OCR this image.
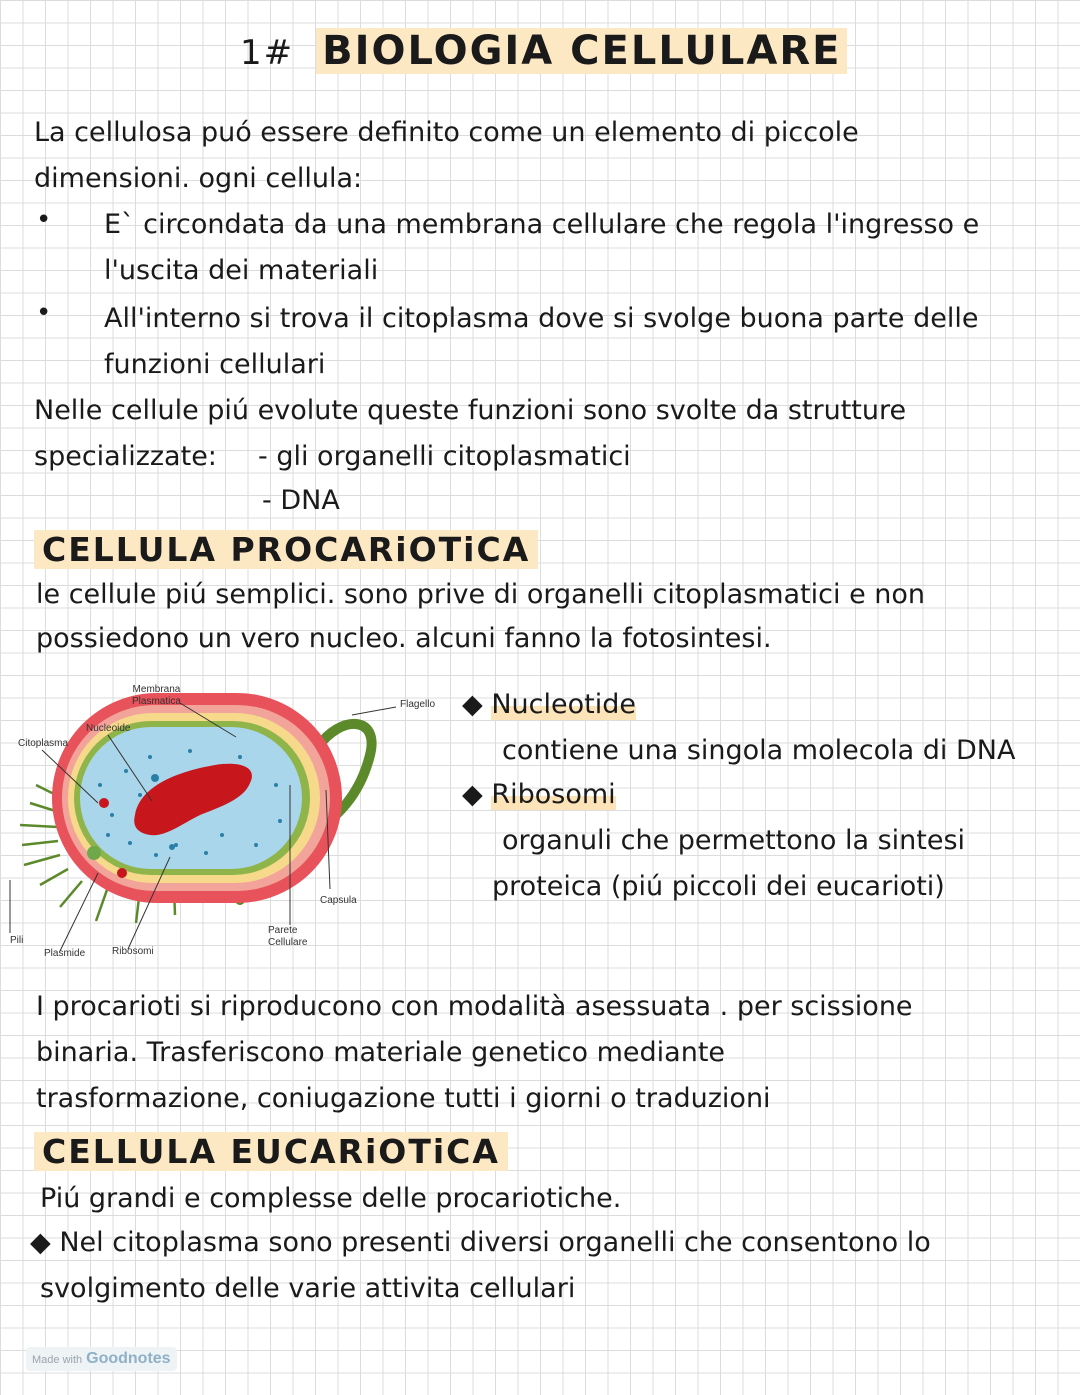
1# BIOLOGIA CELLULARE
La cellulosa puó essere definito come un elemento di piccole
dimensioni. ogni cellula:
• E` circondata da una membrana cellulare che regola l'ingresso e
l'uscita dei materiali
• All'interno si trova il citoplasma dove si svolge buona parte delle
funzioni cellulari
Nelle cellule piú evolute queste funzioni sono svolte da strutture
specializzate: - gli organelli citoplasmatici
- DNA
CELLULA PROCARiOTiCA
le cellule piú semplici. sono prive di organelli citoplasmatici e non
possiedono un vero nucleo. alcuni fanno la fotosintesi.
Membrana
Plasmatica	Flagello
Nucleoide
Citoplasma
Capsula
Parete
Cellulare
Pili
Plasmide	Ribosomi
◆ Nucleotide
contiene una singola molecola di DNA
◆ Ribosomi
organuli che permettono la sintesi
proteica (piú piccoli dei eucarioti)
I procarioti si riproducono con modalità asessuata . per scissione
binaria. Trasferiscono materiale genetico mediante
trasformazione, coniugazione tutti i giorni o traduzioni
CELLULA EUCARiOTiCA
Piú grandi e complesse delle procariotiche.
◆ Nel citoplasma sono presenti diversi organelli che consentono lo
svolgimento delle varie attivita cellulari
Made with Goodnotes
